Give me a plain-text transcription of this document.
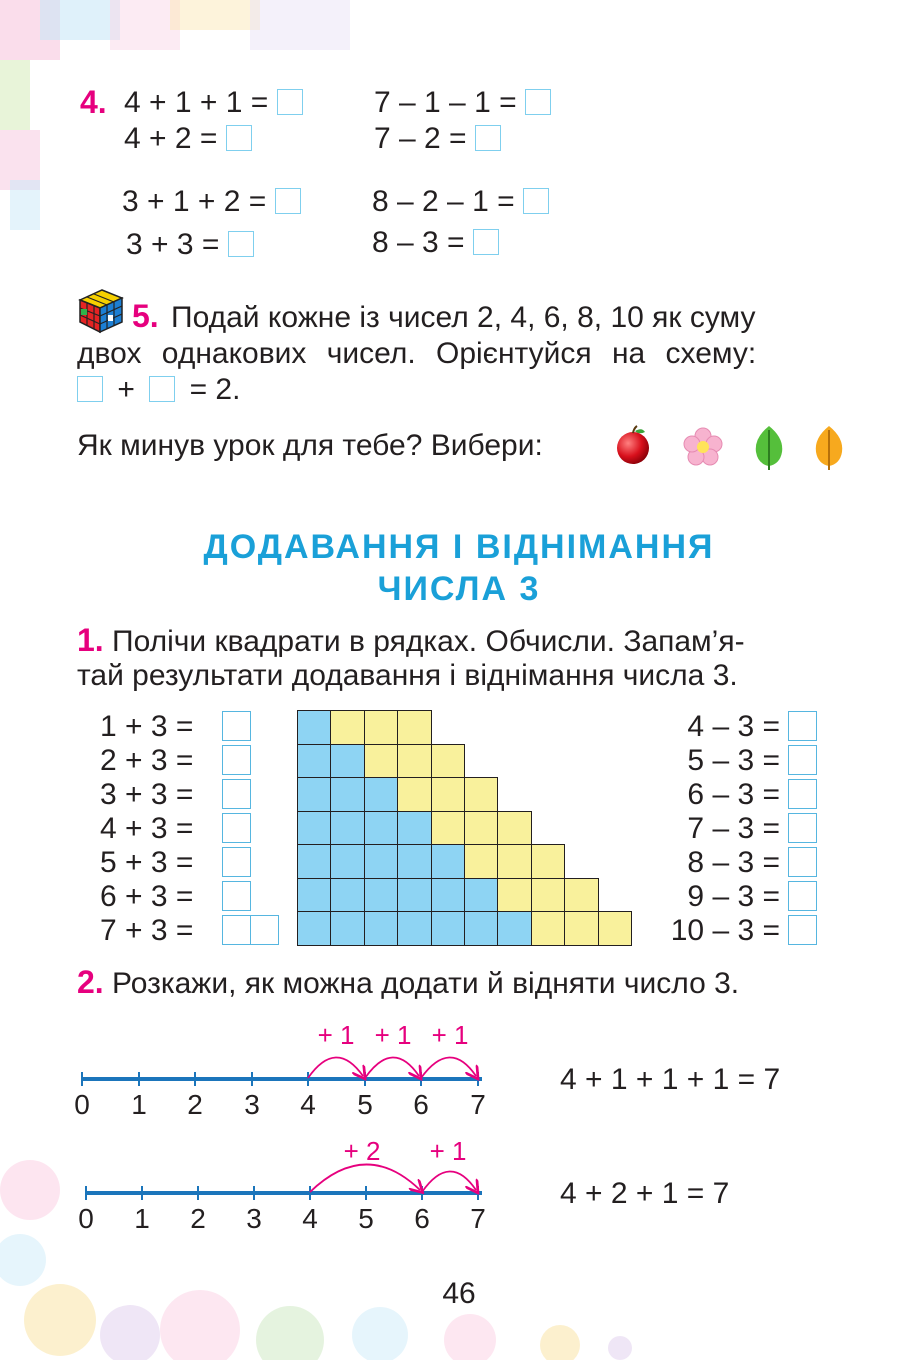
4. 4 + 1 + 1 =	7 – 1 – 1 =
4 + 2 =	7 – 2 =
3 + 1 + 2 =	8 – 2 – 1 =
3 + 3 =	8 – 3 =
5. Подай кожне із чисел 2, 4, 6, 8, 10 як суму
двох однакових чисел. Орієнтуйся на схему:
+ = 2.
Як минув урок для тебе? Вибери:
ДОДАВАННЯ І ВІДНІМАННЯ
ЧИСЛА 3
1. Полічи квадрати в рядках. Обчисли. Запам’я-
тай результати додавання і віднімання числа 3.
1 + 3 =
2 + 3 =
3 + 3 =
4 + 3 =
5 + 3 =
6 + 3 =
7 + 3 =
4 – 3 =
5 – 3 =
6 – 3 =
7 – 3 =
8 – 3 =
9 – 3 =
10 – 3 =
2. Розкажи, як можна додати й відняти число 3.
+ 1 + 1 + 1
0 1 2 3 4 5 6 7
4 + 1 + 1 + 1 = 7
+ 2 + 1
0 1 2 3 4 5 6 7
4 + 2 + 1 = 7
46
